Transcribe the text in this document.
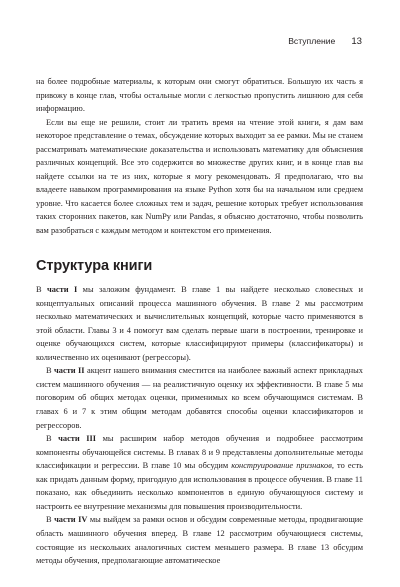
Вступление 13

на более подробные материалы, к которым они смогут обратиться. Большую их часть я привожу в конце глав, чтобы остальные могли с легкостью пропустить лишнюю для себя информацию.

Если вы еще не решили, стоит ли тратить время на чтение этой книги, я дам вам некоторое представление о темах, обсуждение которых выходит за ее рамки. Мы не станем рассматривать математические доказательства и использовать математику для объяснения различных концепций. Все это содержится во множестве других книг, и в конце глав вы найдете ссылки на те из них, которые я могу рекомендовать. Я предполагаю, что вы владеете навыком программирования на языке Python хотя бы на начальном или среднем уровне. Что касается более сложных тем и задач, решение которых требует использования таких сторонних пакетов, как NumPy или Pandas, я объясню достаточно, чтобы позволить вам разобраться с каждым методом и контекстом его применения.

Структура книги

В части I мы заложим фундамент. В главе 1 вы найдете несколько словесных и концептуальных описаний процесса машинного обучения. В главе 2 мы рассмотрим несколько математических и вычислительных концепций, которые часто применяются в этой области. Главы 3 и 4 помогут вам сделать первые шаги в построении, тренировке и оценке обучающихся систем, которые классифицируют примеры (классификаторы) и количественно их оценивают (регрессоры).

В части II акцент нашего внимания сместится на наиболее важный аспект прикладных систем машинного обучения — на реалистичную оценку их эффективности. В главе 5 мы поговорим об общих методах оценки, применимых ко всем обучающимся системам. В главах 6 и 7 к этим общим методам добавятся способы оценки классификаторов и регрессоров.

В части III мы расширим набор методов обучения и подробнее рассмотрим компоненты обучающейся системы. В главах 8 и 9 представлены дополнительные методы классификации и регрессии. В главе 10 мы обсудим конструирование признаков, то есть как придать данным форму, пригодную для использования в процессе обучения. В главе 11 показано, как объединить несколько компонентов в единую обучающуюся систему и настроить ее внутренние механизмы для повышения производительности.

В части IV мы выйдем за рамки основ и обсудим современные методы, продвигающие область машинного обучения вперед. В главе 12 рассмотрим обучающиеся системы, состоящие из нескольких аналогичных систем меньшего размера. В главе 13 обсудим методы обучения, предполагающие автоматическое
